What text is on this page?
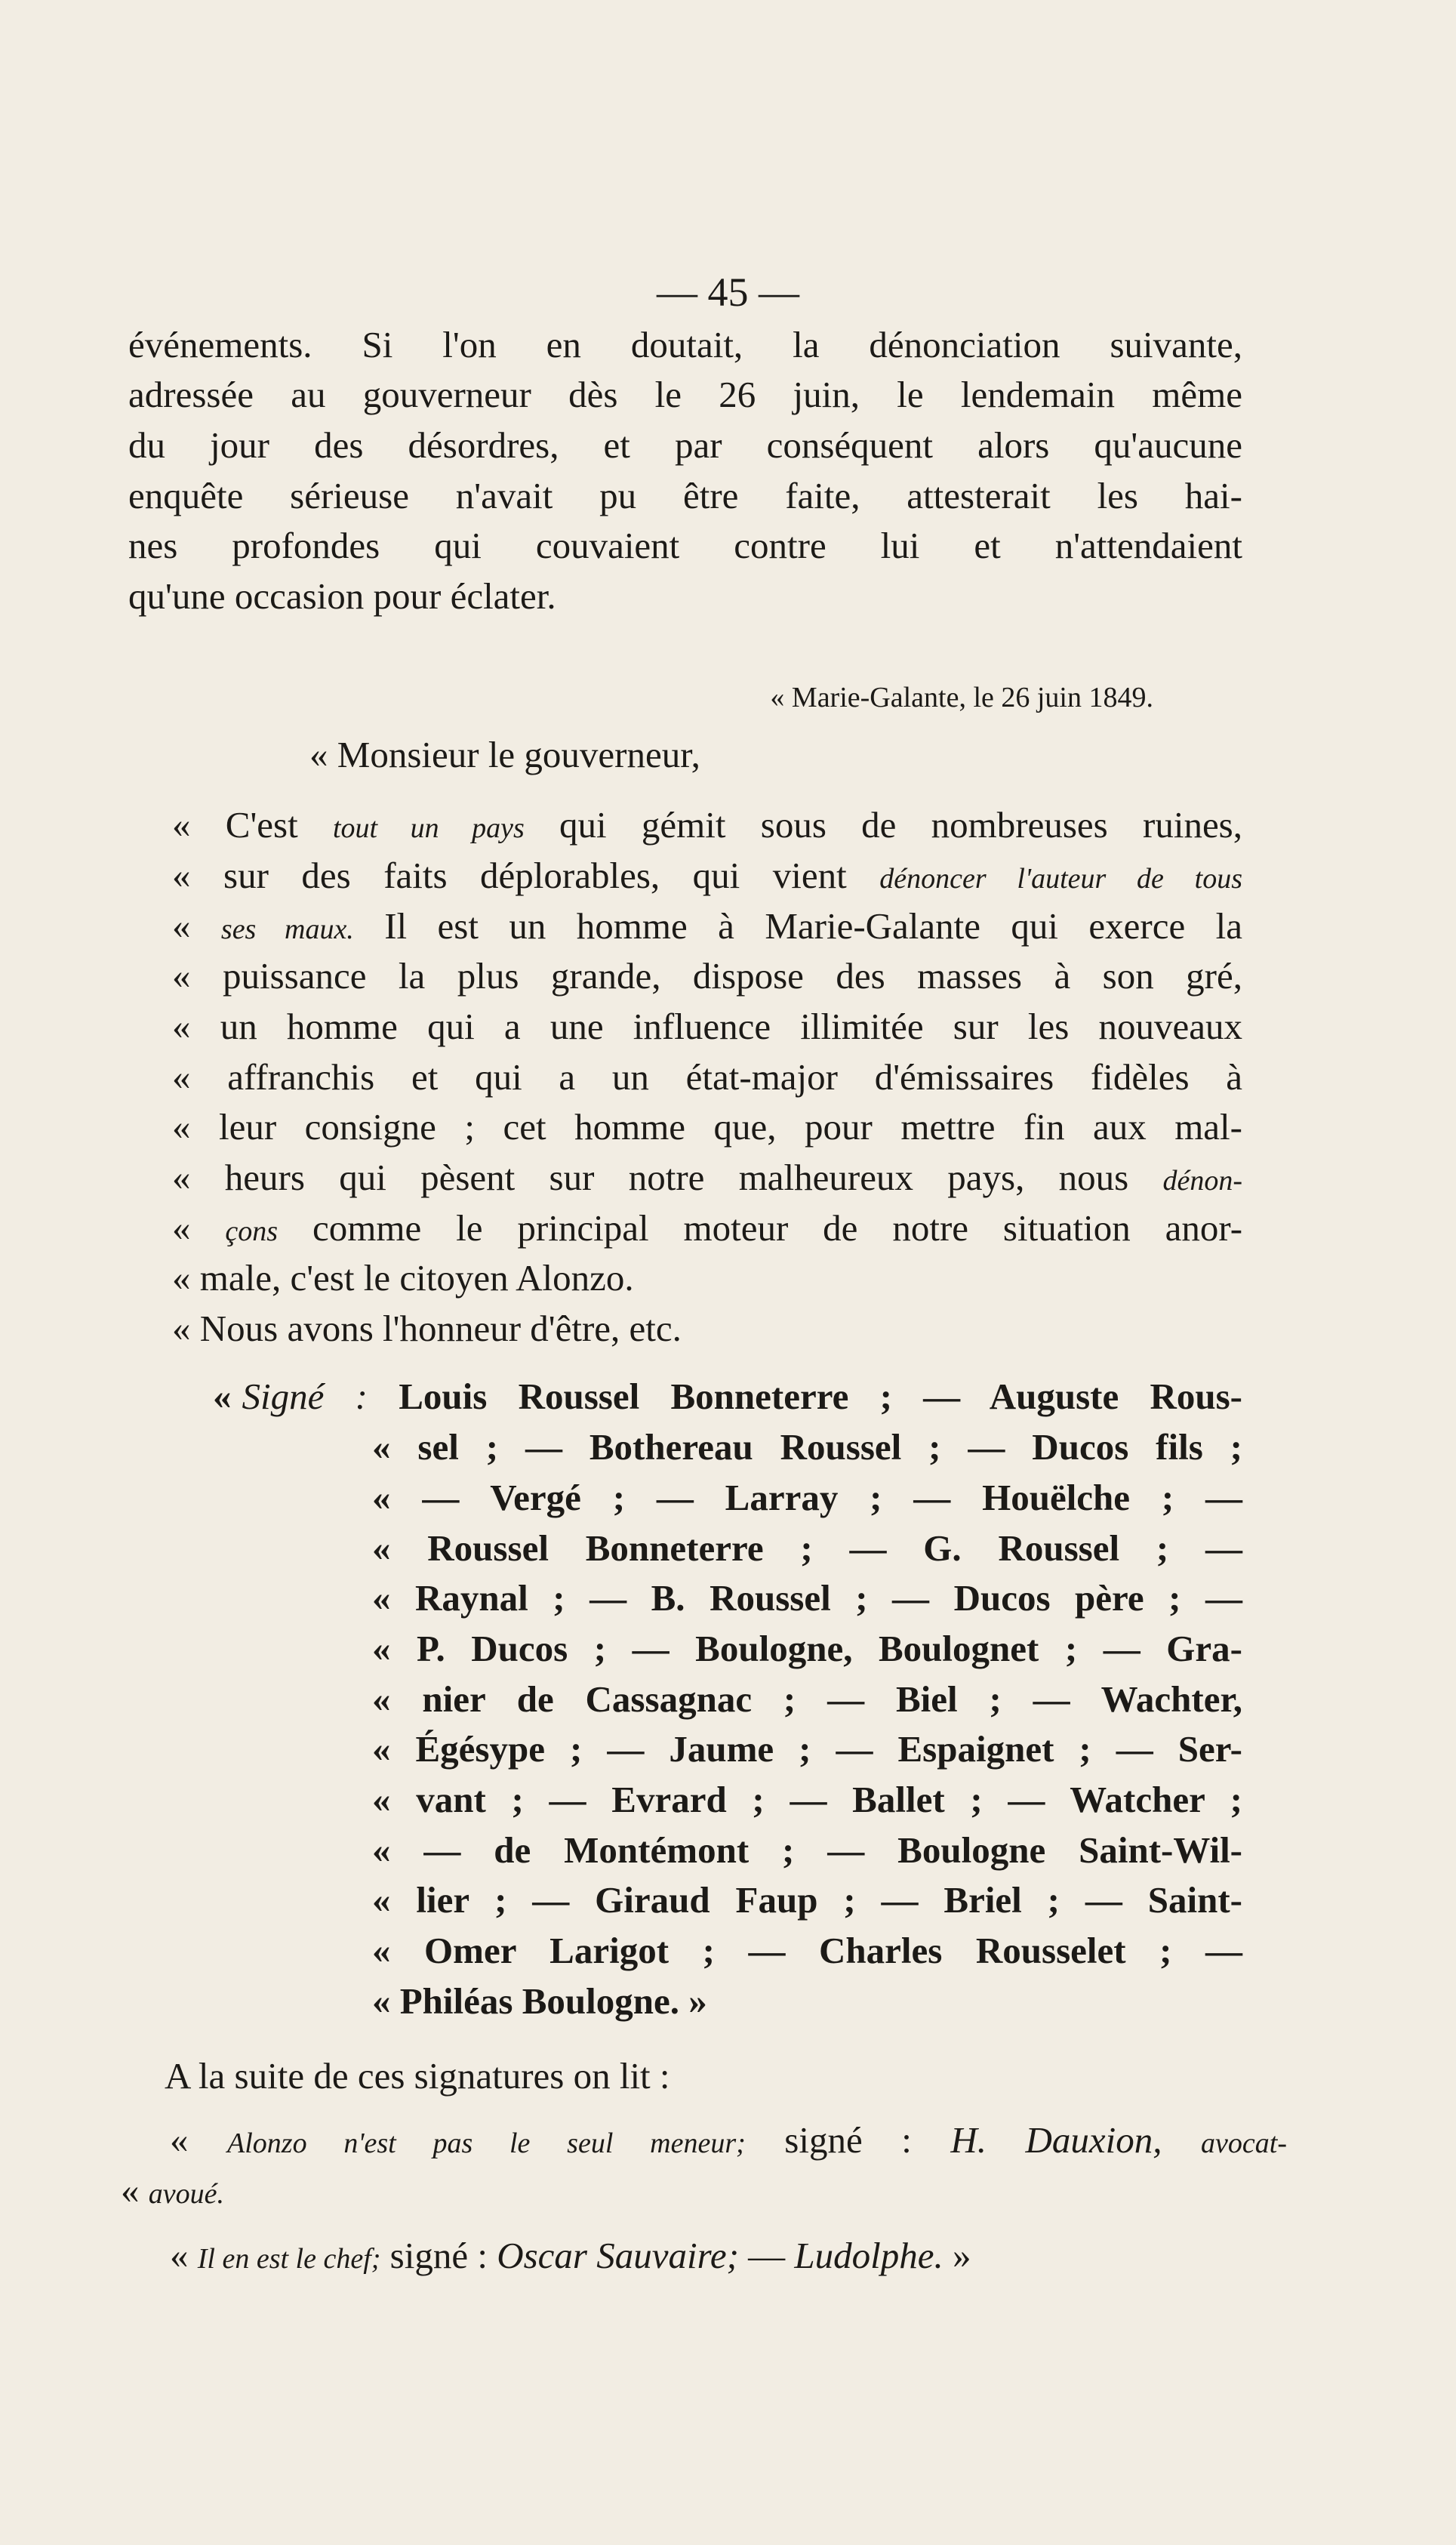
— 45 —
événements. Si l'on en doutait, la dénonciation suivante,
adressée au gouverneur dès le 26 juin, le lendemain même
du jour des désordres, et par conséquent alors qu'aucune
enquête sérieuse n'avait pu être faite, attesterait les hai-
nes profondes qui couvaient contre lui et n'attendaient
qu'une occasion pour éclater.
« Marie-Galante, le 26 juin 1849.
« Monsieur le gouverneur,
« C'est tout un pays qui gémit sous de nombreuses ruines,
« sur des faits déplorables, qui vient dénoncer l'auteur de tous
« ses maux. Il est un homme à Marie-Galante qui exerce la
« puissance la plus grande, dispose des masses à son gré,
« un homme qui a une influence illimitée sur les nouveaux
« affranchis et qui a un état-major d'émissaires fidèles à
« leur consigne ; cet homme que, pour mettre fin aux mal-
« heurs qui pèsent sur notre malheureux pays, nous dénon-
« çons comme le principal moteur de notre situation anor-
« male, c'est le citoyen Alonzo.
« Nous avons l'honneur d'être, etc.
« Signé : Louis Roussel Bonneterre ; — Auguste Rous-
« sel ; — Bothereau Roussel ; — Ducos fils ;
« — Vergé ; — Larray ; — Houëlche ; —
« Roussel Bonneterre ; — G. Roussel ; —
« Raynal ; — B. Roussel ; — Ducos père ; —
« P. Ducos ; — Boulogne, Boulognet ; — Gra-
« nier de Cassagnac ; — Biel ; — Wachter,
« Égésype ; — Jaume ; — Espaignet ; — Ser-
« vant ; — Evrard ; — Ballet ; — Watcher ;
« — de Montémont ; — Boulogne Saint-Wil-
« lier ; — Giraud Faup ; — Briel ; — Saint-
« Omer Larigot ; — Charles Rousselet ; —
« Philéas Boulogne. »
A la suite de ces signatures on lit :
« Alonzo n'est pas le seul meneur; signé : H. Dauxion, avocat-
« avoué.
« Il en est le chef; signé : Oscar Sauvaire; — Ludolphe. »
